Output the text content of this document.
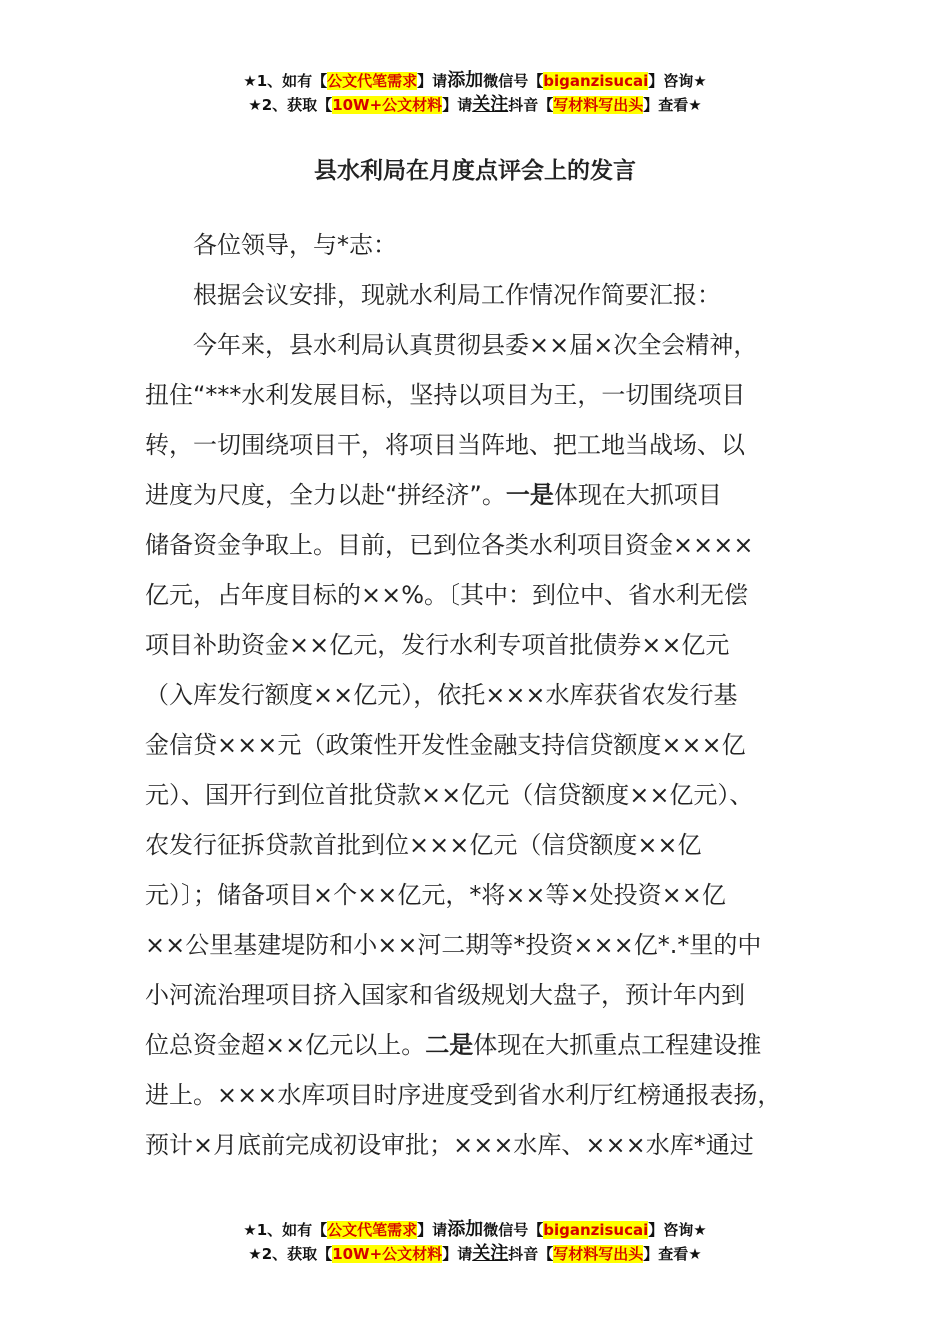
★1、如有【公文代笔需求】请添加微信号【biganzisucai】咨询★
★2、获取【10W+公文材料】请关注抖音【写材料写出头】查看★
县水利局在月度点评会上的发言
各位领导，与*志：
根据会议安排，现就水利局工作情况作简要汇报：
今年来，县水利局认真贯彻县委××届×次全会精神，
扭住“***水利发展目标，坚持以项目为王，一切围绕项目
转，一切围绕项目干，将项目当阵地、把工地当战场、以
进度为尺度，全力以赴“拼经济”。一是体现在大抓项目
储备资金争取上。目前，已到位各类水利项目资金××××
亿元，占年度目标的××%。〔其中：到位中、省水利无偿
项目补助资金××亿元，发行水利专项首批债券××亿元
（入库发行额度××亿元），依托×××水库获省农发行基
金信贷×××元（政策性开发性金融支持信贷额度×××亿
元）、国开行到位首批贷款××亿元（信贷额度××亿元）、
农发行征拆贷款首批到位×××亿元（信贷额度××亿
元）〕；储备项目×个××亿元，*将××等×处投资××亿
××公里基建堤防和小××河二期等*投资×××亿*.*里的中
小河流治理项目挤入国家和省级规划大盘子，预计年内到
位总资金超××亿元以上。二是体现在大抓重点工程建设推
进上。×××水库项目时序进度受到省水利厅红榜通报表扬，
预计×月底前完成初设审批；×××水库、×××水库*通过
★1、如有【公文代笔需求】请添加微信号【biganzisucai】咨询★
★2、获取【10W+公文材料】请关注抖音【写材料写出头】查看★
